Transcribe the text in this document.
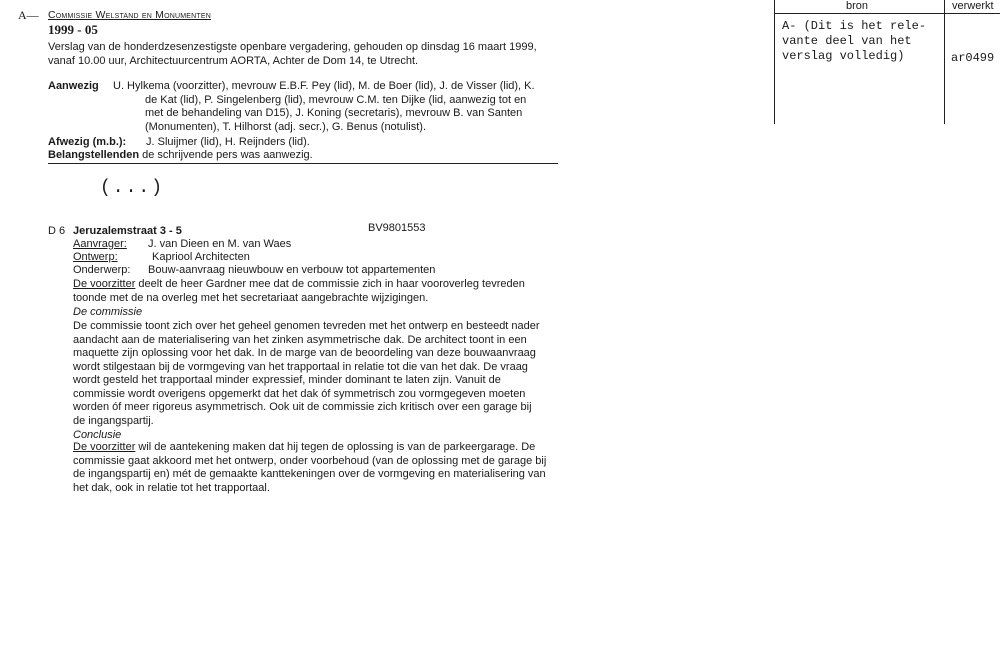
A— Commissie Welstand en Monumenten
1999 - 05
Verslag van de honderdzesenzestigste openbare vergadering, gehouden op dinsdag 16 maart 1999,
vanaf 10.00 uur, Architectuurcentrum AORTA, Achter de Dom 14, te Utrecht.
Aanwezig U. Hylkema (voorzitter), mevrouw E.B.F. Pey (lid), M. de Boer (lid), J. de Visser (lid), K.
de Kat (lid), P. Singelenberg (lid), mevrouw C.M. ten Dijke (lid, aanwezig tot en
met de behandeling van D15), J. Koning (secretaris), mevrouw B. van Santen
(Monumenten), T. Hilhorst (adj. secr.), G. Benus (notulist).
Afwezig (m.b.): J. Sluijmer (lid), H. Reijnders (lid).
Belangstellenden de schrijvende pers was aanwezig.
(...)
D 6 Jeruzalemstraat 3 - 5	BV9801553
Aanvrager: J. van Dieen en M. van Waes
Ontwerp:	Kapriool Architecten
Onderwerp: Bouw-aanvraag nieuwbouw en verbouw tot appartementen
De voorzitter deelt de heer Gardner mee dat de commissie zich in haar vooroverleg tevreden
toonde met de na overleg met het secretariaat aangebrachte wijzigingen.
De commissie
De commissie toont zich over het geheel genomen tevreden met het ontwerp en besteedt nader
aandacht aan de materialisering van het zinken asymmetrische dak. De architect toont in een
maquette zijn oplossing voor het dak. In de marge van de beoordeling van deze bouwaanvraag
wordt stilgestaan bij de vormgeving van het trapportaal in relatie tot die van het dak. De vraag
wordt gesteld het trapportaal minder expressief, minder dominant te laten zijn. Vanuit de
commissie wordt overigens opgemerkt dat het dak óf symmetrisch zou vormgegeven moeten
worden óf meer rigoreus asymmetrisch. Ook uit de commissie zich kritisch over een garage bij
de ingangspartij.
Conclusie
De voorzitter wil de aantekening maken dat hij tegen de oplossing is van de parkeergarage. De
commissie gaat akkoord met het ontwerp, onder voorbehoud (van de oplossing met de garage bij
de ingangspartij en) mét de gemaakte kanttekeningen over de vormgeving en materialisering van
het dak, ook in relatie tot het trapportaal.
bron	verwerkt
A- (Dit is het rele-
vante deel van het
verslag volledig)	ar0499
